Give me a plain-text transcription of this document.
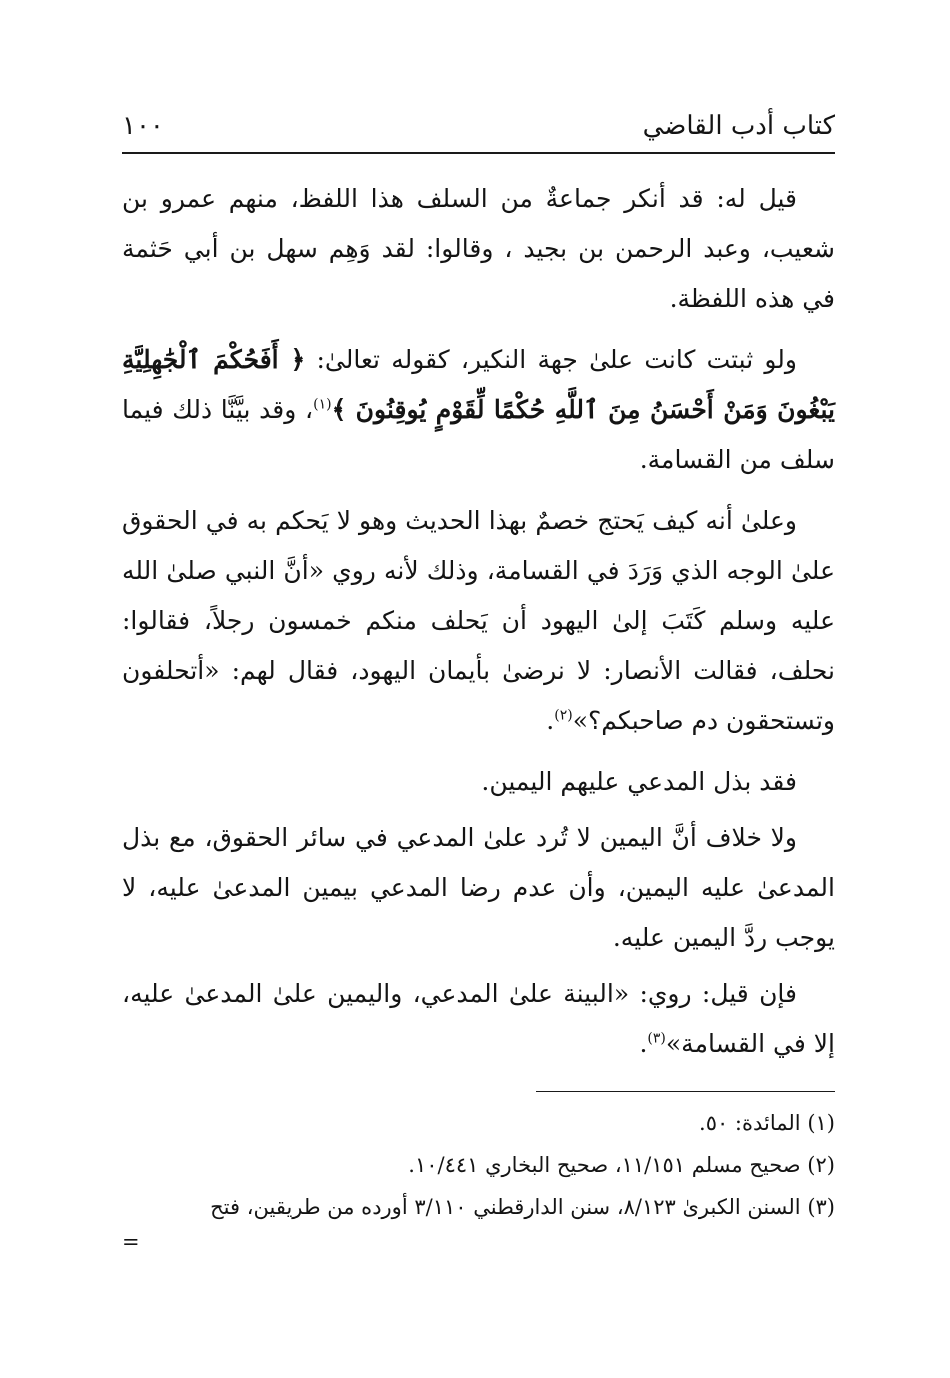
كتاب أدب القاضي
١٠٠

قيل له: قد أنكر جماعةٌ من السلف هذا اللفظ، منهم عمرو بن شعيب، وعبد الرحمن بن بجيد ، وقالوا: لقد وَهِم سهل بن أبي حَثمة في هذه اللفظة.

ولو ثبتت كانت علىٰ جهة النكير، كقوله تعالىٰ: ﴿ أَفَحُكْمَ ٱلْجَٰهِلِيَّةِ يَبْغُونَ وَمَنْ أَحْسَنُ مِنَ ٱللَّهِ حُكْمًا لِّقَوْمٍ يُوقِنُونَ ﴾$^{(١)}$، وقد بيَّنَّا ذلك فيما سلف من القسامة.

وعلىٰ أنه كيف يَحتج خصمٌ بهذا الحديث وهو لا يَحكم به في الحقوق علىٰ الوجه الذي وَرَدَ في القسامة، وذلك لأنه روي «أنَّ النبي صلىٰ الله عليه وسلم كَتَبَ إلىٰ اليهود أن يَحلف منكم خمسون رجلاً، فقالوا: نحلف، فقالت الأنصار: لا نرضىٰ بأيمان اليهود، فقال لهم: «أتحلفون وتستحقون دم صاحبكم؟»$^{(٢)}$.

فقد بذل المدعي عليهم اليمين.

ولا خلاف أنَّ اليمين لا تُرد علىٰ المدعي في سائر الحقوق، مع بذل المدعىٰ عليه اليمين، وأن عدم رضا المدعي بيمين المدعىٰ عليه، لا يوجب ردَّ اليمين عليه.

فإن قيل: روي: «البينة علىٰ المدعي، واليمين علىٰ المدعىٰ عليه، إلا في القسامة»$^{(٣)}$.

(١) المائدة: ٥٠.

(٢) صحيح مسلم ١١/١٥١، صحيح البخاري ١٠/٤٤١.

(٣) السنن الكبرىٰ ٨/١٢٣، سنن الدارقطني ٣/١١٠ أورده من طريقين، فتح

=
